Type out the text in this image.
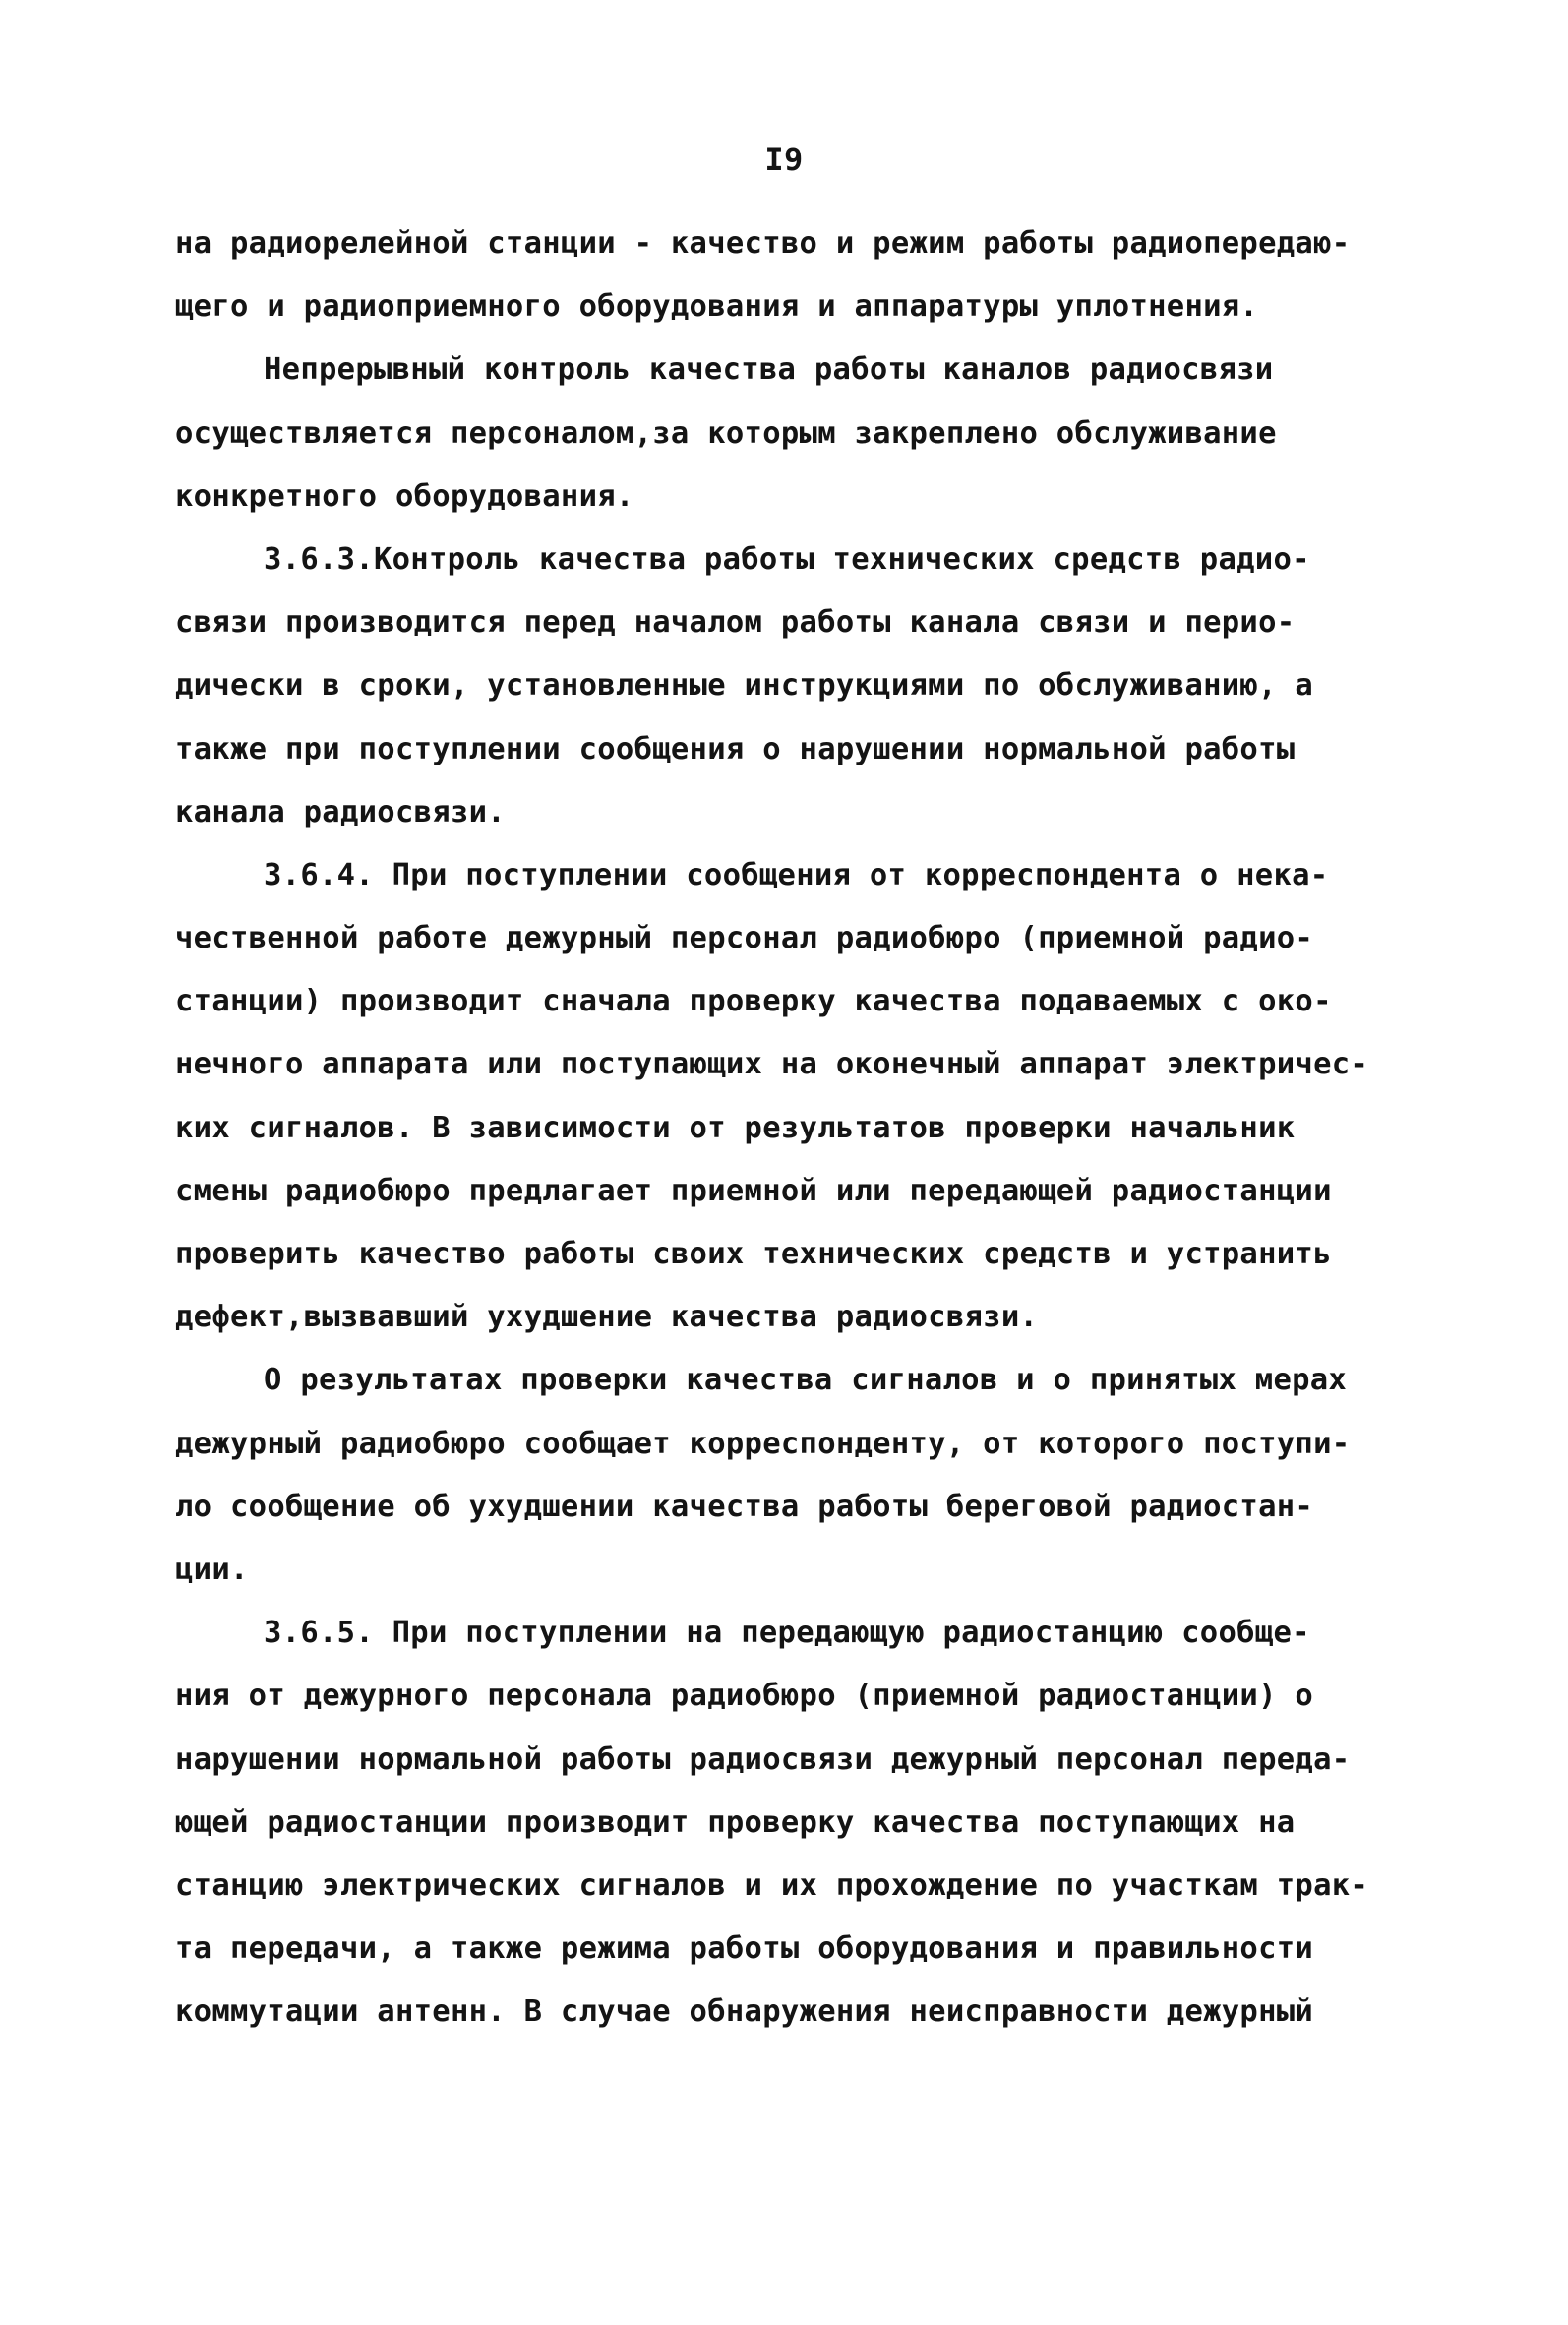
I9
на радиорелейной станции - качество и режим работы радиопередаю-
щего и радиоприемного оборудования и аппаратуры уплотнения.
Непрерывный контроль качества работы каналов радиосвязи
осуществляется персоналом,за которым закреплено обслуживание
конкретного оборудования.
3.6.3.Контроль качества работы технических средств радио-
связи производится перед началом работы канала связи и периo-
дически в сроки, установленные инструкциями по обслуживанию, а
также при поступлении сообщения о нарушении нормальной работы
канала радиосвязи.
3.6.4. При поступлении сообщения от корреспондента о нека-
чественной работе дежурный персонал радиобюро (приемной радио-
станции) производит сначала проверку качества подаваемых с око-
нечного аппарата или поступающих на оконечный аппарат электричес-
ких сигналов. В зависимости от результатов проверки начальник
смены радиобюро предлагает приемной или передающей радиостанции
проверить качество работы своих технических средств и устранить
дефект,вызвавший ухудшение качества радиосвязи.
О результатах проверки качества сигналов и о принятых мерах
дежурный радиобюро сообщает корреспонденту, от которого поступи-
ло сообщение об ухудшении качества работы береговой радиостан-
ции.
3.6.5. При поступлении на передающую радиостанцию сообще-
ния от дежурного персонала радиобюро (приемной радиостанции) о
нарушении нормальной работы радиосвязи дежурный персонал переда-
ющей радиостанции производит проверку качества поступающих на
станцию электрических сигналов и их прохождение по участкам трак-
та передачи, а также режима работы оборудования и правильности
коммутации антенн. В случае обнаружения неисправности дежурный
